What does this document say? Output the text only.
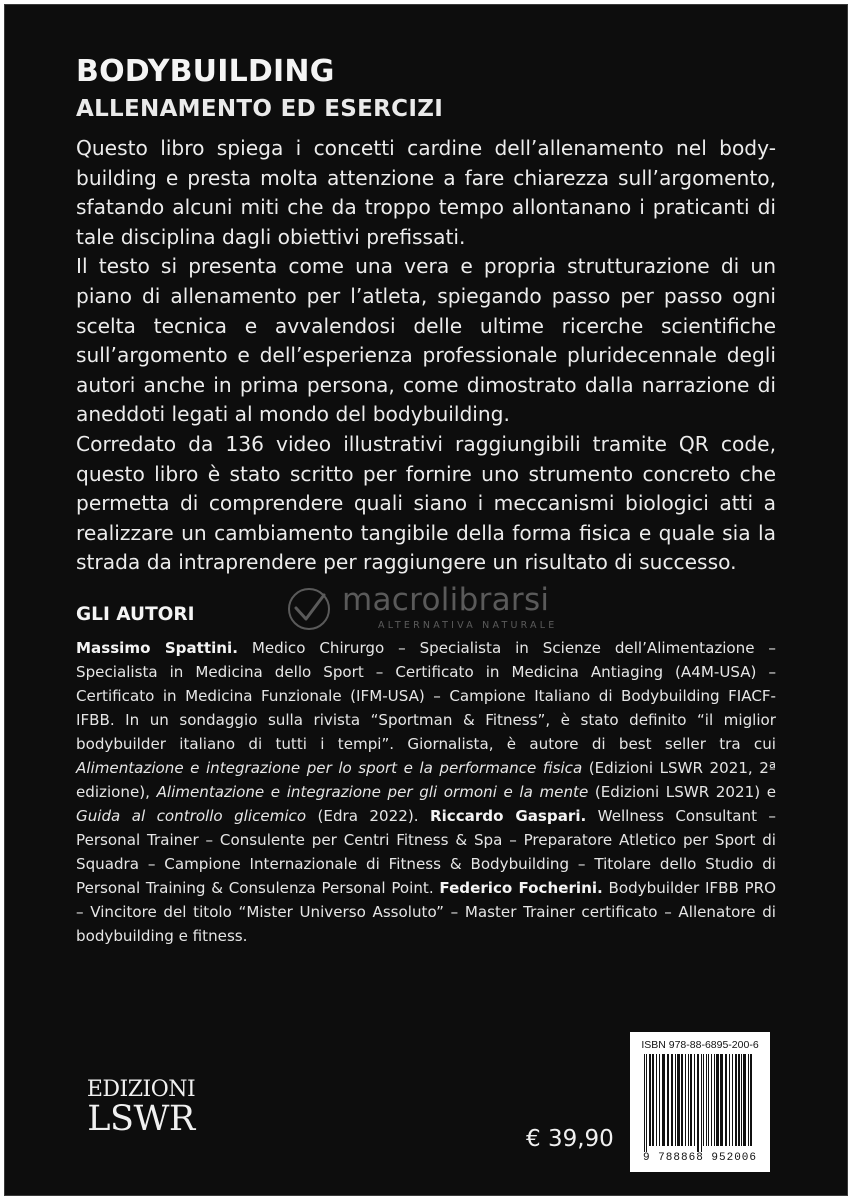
BODYBUILDING
ALLENAMENTO ED ESERCIZI

Questo libro spiega i concetti cardine dell’allenamento nel body-building e presta molta attenzione a fare chiarezza sull’argomento, sfatando alcuni miti che da troppo tempo allontanano i praticanti di tale disciplina dagli obiettivi prefissati.

Il testo si presenta come una vera e propria strutturazione di un piano di allenamento per l’atleta, spiegando passo per passo ogni scelta tecnica e avvalendosi delle ultime ricerche scientifiche sull’argomento e dell’esperienza professionale pluridecennale degli autori anche in prima persona, come dimostrato dalla narrazione di aneddoti legati al mondo del bodybuilding.

Corredato da 136 video illustrativi raggiungibili tramite QR code, questo libro è stato scritto per fornire uno strumento concreto che permetta di comprendere quali siano i meccanismi biologici atti a realizzare un cambiamento tangibile della forma fisica e quale sia la strada da intraprendere per raggiungere un risultato di successo.

macrolibrarsi
ALTERNATIVA NATURALE
GLI AUTORI

Massimo Spattini. Medico Chirurgo – Specialista in Scienze dell’Alimentazione – Specialista in Medicina dello Sport – Certificato in Medicina Antiaging (A4M-USA) – Certificato in Medicina Funzionale (IFM-USA) – Campione Italiano di Bodybuilding FIACF-IFBB. In un sondaggio sulla rivista “Sportman & Fitness”, è stato definito “il miglior bodybuilder italiano di tutti i tempi”. Giornalista, è autore di best seller tra cui Alimentazione e integrazione per lo sport e la performance fisica (Edizioni LSWR 2021, 2ª edizione), Alimentazione e integrazione per gli ormoni e la mente (Edizioni LSWR 2021) e Guida al controllo glicemico (Edra 2022). Riccardo Gaspari. Wellness Consultant – Personal Trainer – Consulente per Centri Fitness & Spa – Preparatore Atletico per Sport di Squadra – Campione Internazionale di Fitness & Bodybuilding – Titolare dello Studio di Personal Training & Consulenza Personal Point. Federico Focherini. Bodybuilder IFBB PRO – Vincitore del titolo “Mister Universo Assoluto” – Master Trainer certificato – Allenatore di bodybuilding e fitness.

EDIZIONI
LSWR	€ 39,90
ISBN 978-88-6895-200-6
9 788868 952006
